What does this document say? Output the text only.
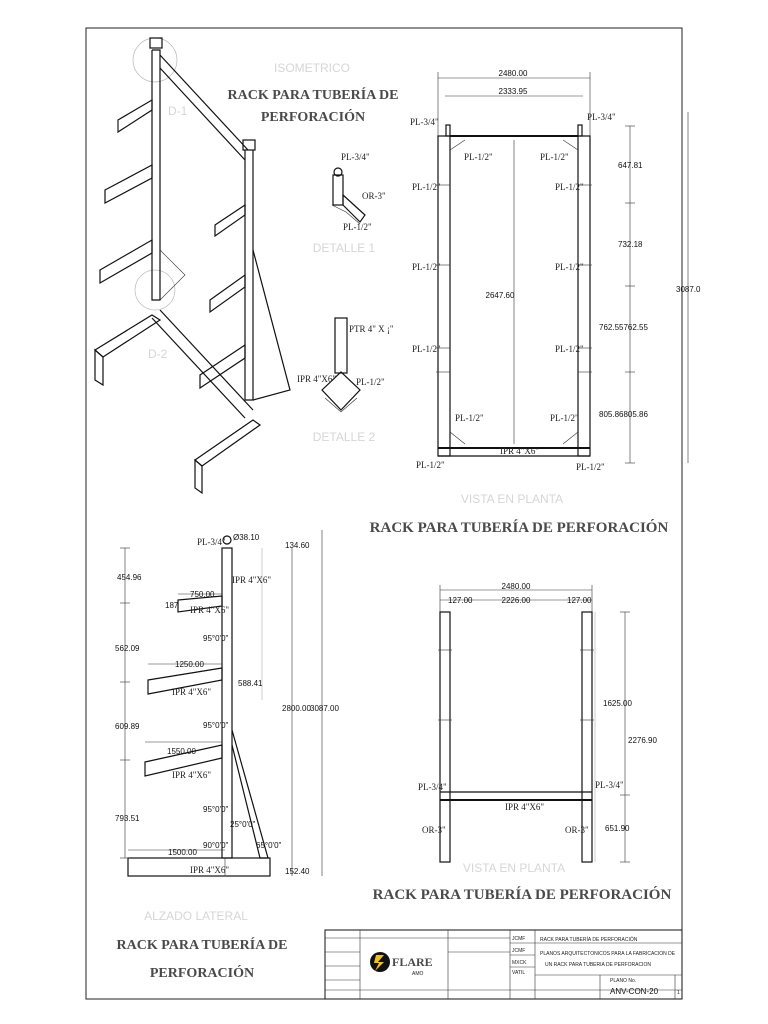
D-1
D-2
ISOMETRICO
RACK PARA TUBERÍA DE
PERFORACIÓN
PL-3/4"
OR-3"
PL-1/2"
DETALLE 1
PTR 4" X ¡"
IPR 4"X6" PL-1/2"
DETALLE 2
2480.00
2333.95
2647.60
647.81
732.18
762.55762.55
805.86805.86
3087.0
PL-3/4"	PL-3/4"
PL-1/2"	PL-1/2"
PL-1/2"	PL-1/2"
PL-1/2"	PL-1/2"
PL-1/2"	PL-1/2"
PL-1/2"	PL-1/2"
PL-1/2"	PL-1/2"
IPR 4"X6"
VISTA EN PLANTA
RACK PARA TUBERÍA DE PERFORACIÓN
PL-3/4" Ø38.10
134.60
454.96
750.00
187
IPR 4"X6"
IPR 4"X6"
95°0'0"
562.09
1250.00
588.41
IPR 4"X6"
2800.00 3087.00
609.89	95°0'0"
1550.00
IPR 4"X6"
95°0'0"
793.51
25°0'0"
90°0'0"	65°0'0"
1500.00
IPR 4"X6"	152.40
ALZADO LATERAL
RACK PARA TUBERÍA DE
PERFORACIÓN
2480.00
127.00	2226.00	127.00
1625.00
2276.90
651.90
PL-3/4"	PL-3/4"
IPR 4"X6"
OR-3"	OR-3"
VISTA EN PLANTA
RACK PARA TUBERÍA DE PERFORACIÓN
FLARE
AMO
RACK PARA TUBERÍA DE PERFORACIÓN
PLANOS ARQUITECTONICOS PARA LA FABRICACION DE
UN RACK PARA TUBERIA DE PERFORACION
JCMF
JCMF
MXCK
VATIL
PLANO No.
ANV-CON-20	1
